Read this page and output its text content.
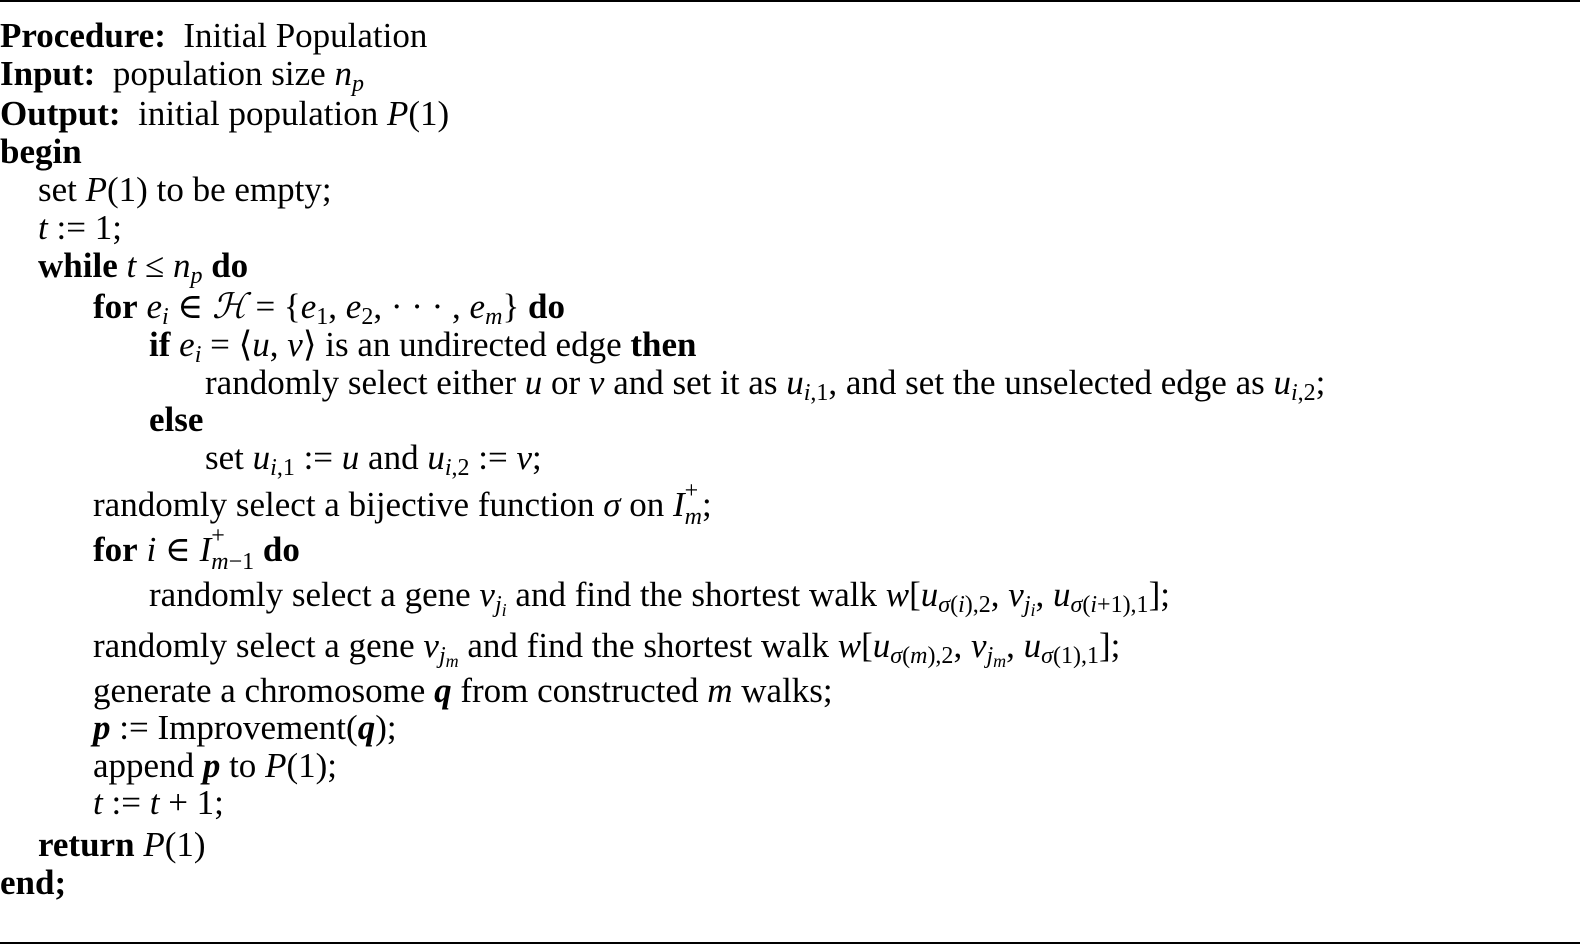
Procedure: Initial Population
Input: population size $n_p$
Output: initial population P(1)
begin
set P(1) to be empty;
t := 1;
while $t \le n_p$ do
for $e_i$ ∈ ℋ = {$e_1$, $e_2$, · · · , $e_m$} do
if $e_i$ = ⟨u, v⟩ is an undirected edge then
randomly select either u or v and set it as $u_{i,1}$, and set the unselected edge as $u_{i,2}$;
else
set $u_{i,1}$ := u and $u_{i,2}$ := v;
randomly select a bijective function σ on I +
$_m$;
for i ∈ I +
$_{m-1}$ do
randomly select a gene $v_{ji}$ and find the shortest walk $w[u_{\sigma(i),2}$, $v_{ji}$, $u_{\sigma(i+1),1}$];
randomly select a gene $v_{jm}$ and find the shortest walk $w[u_{\sigma(m),2}$, $v_{jm}$, $u_{\sigma(1),1}$];
generate a chromosome q from constructed m walks;
p := Improvement(q);
append p to P(1);
t := t + 1;
return P(1)
end;
